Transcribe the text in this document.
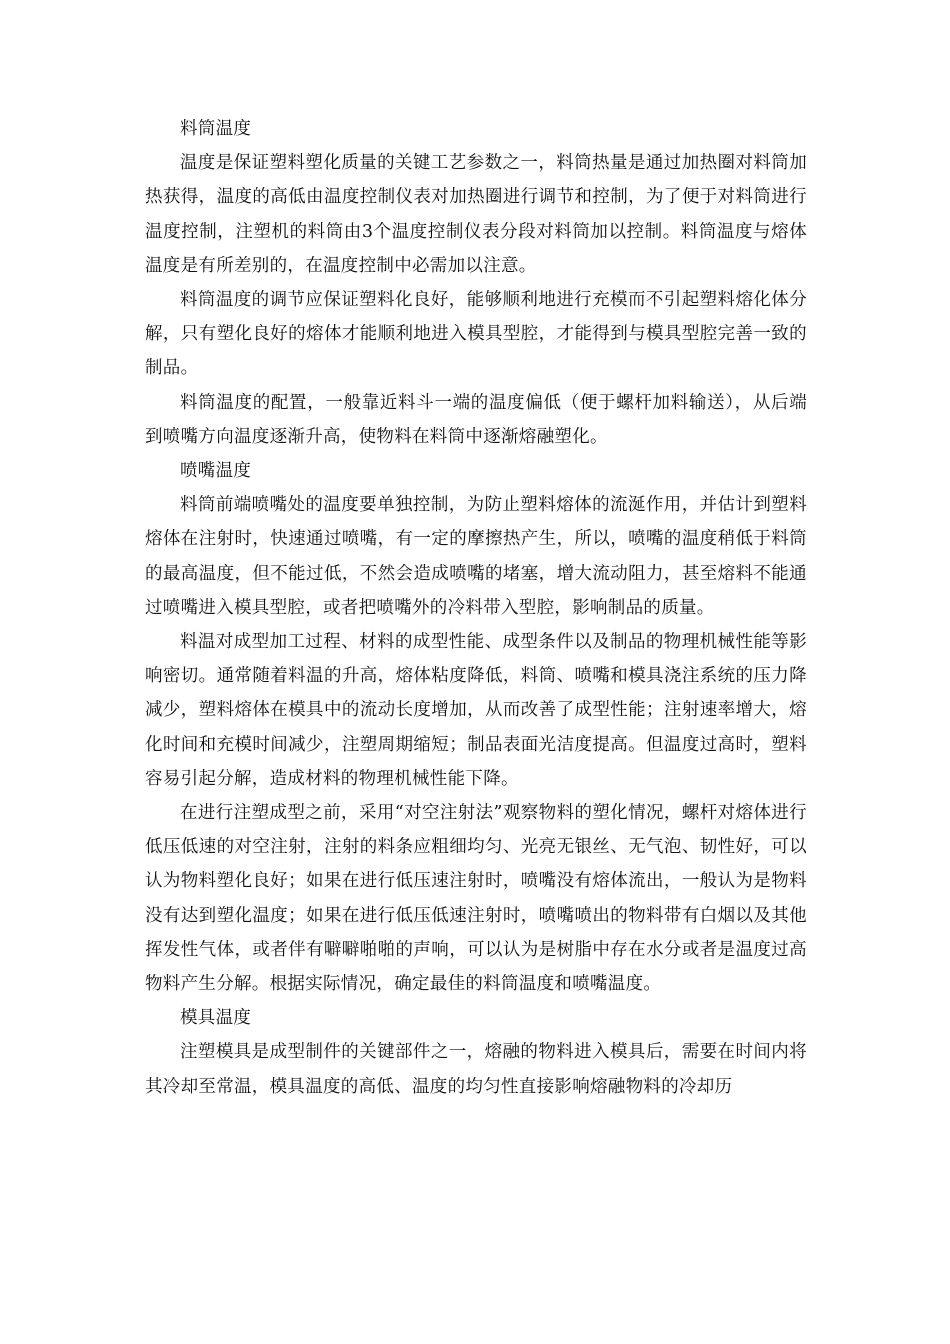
料筒温度

温度是保证塑料塑化质量的关键工艺参数之一，料筒热量是通过加热圈对料筒加热获得，温度的高低由温度控制仪表对加热圈进行调节和控制，为了便于对料筒进行温度控制，注塑机的料筒由3个温度控制仪表分段对料筒加以控制。料筒温度与熔体温度是有所差别的，在温度控制中必需加以注意。

料筒温度的调节应保证塑料化良好，能够顺利地进行充模而不引起塑料熔化体分解，只有塑化良好的熔体才能顺利地进入模具型腔，才能得到与模具型腔完善一致的制品。

料筒温度的配置，一般靠近料斗一端的温度偏低（便于螺杆加料输送），从后端到喷嘴方向温度逐渐升高，使物料在料筒中逐渐熔融塑化。

喷嘴温度

料筒前端喷嘴处的温度要单独控制，为防止塑料熔体的流涎作用，并估计到塑料熔体在注射时，快速通过喷嘴，有一定的摩擦热产生，所以，喷嘴的温度稍低于料筒的最高温度，但不能过低，不然会造成喷嘴的堵塞，增大流动阻力，甚至熔料不能通过喷嘴进入模具型腔，或者把喷嘴外的冷料带入型腔，影响制品的质量。

料温对成型加工过程、材料的成型性能、成型条件以及制品的物理机械性能等影响密切。通常随着料温的升高，熔体粘度降低，料筒、喷嘴和模具浇注系统的压力降减少，塑料熔体在模具中的流动长度增加，从而改善了成型性能；注射速率增大，熔化时间和充模时间减少，注塑周期缩短；制品表面光洁度提高。但温度过高时，塑料容易引起分解，造成材料的物理机械性能下降。

在进行注塑成型之前，采用“对空注射法”观察物料的塑化情况，螺杆对熔体进行低压低速的对空注射，注射的料条应粗细均匀、光亮无银丝、无气泡、韧性好，可以认为物料塑化良好；如果在进行低压速注射时，喷嘴没有熔体流出，一般认为是物料没有达到塑化温度；如果在进行低压低速注射时，喷嘴喷出的物料带有白烟以及其他挥发性气体，或者伴有噼噼啪啪的声响，可以认为是树脂中存在水分或者是温度过高物料产生分解。根据实际情况，确定最佳的料筒温度和喷嘴温度。

模具温度

注塑模具是成型制件的关键部件之一，熔融的物料进入模具后，需要在时间内将其冷却至常温，模具温度的高低、温度的均匀性直接影响熔融物料的冷却历
